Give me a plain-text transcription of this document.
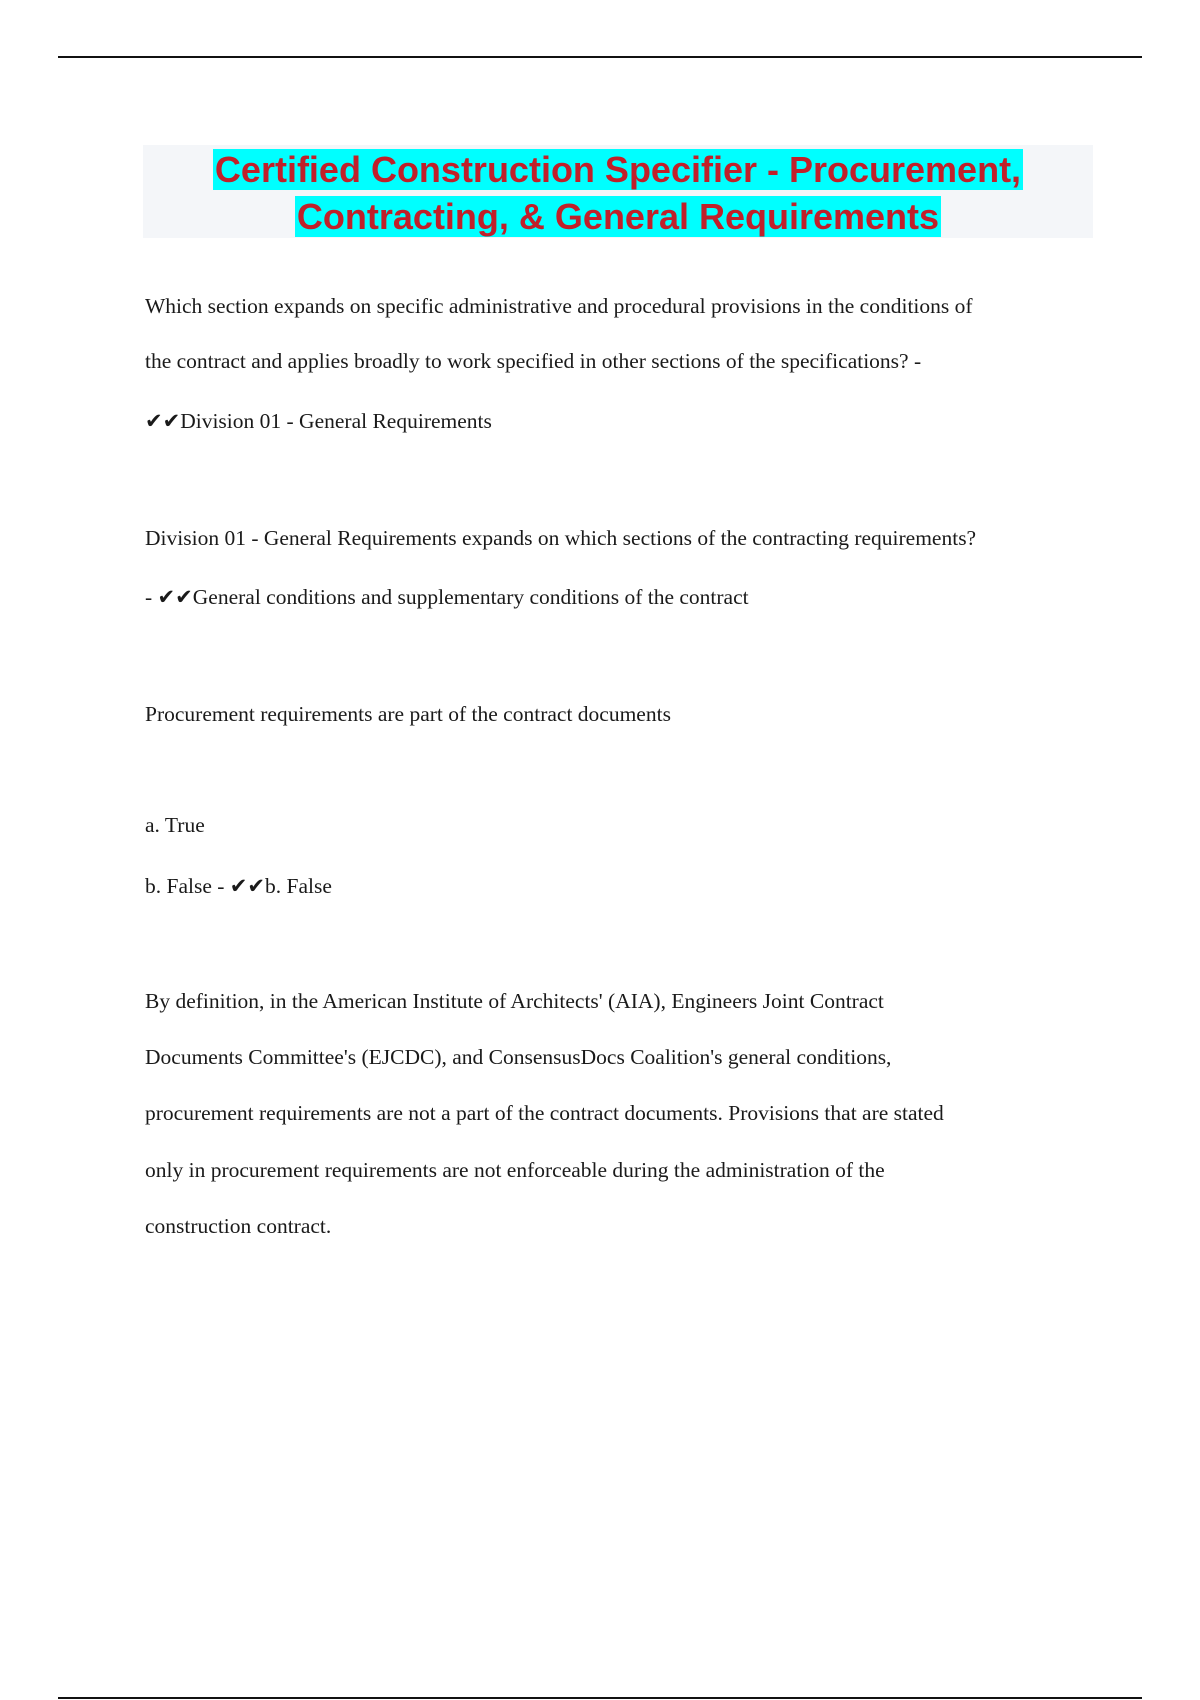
Certified Construction Specifier - Procurement,
Contracting, & General Requirements
Which section expands on specific administrative and procedural provisions in the conditions of
the contract and applies broadly to work specified in other sections of the specifications? -
✔✔Division 01 - General Requirements
Division 01 - General Requirements expands on which sections of the contracting requirements?
- ✔✔General conditions and supplementary conditions of the contract
Procurement requirements are part of the contract documents
a. True
b. False - ✔✔b. False
By definition, in the American Institute of Architects' (AIA), Engineers Joint Contract
Documents Committee's (EJCDC), and ConsensusDocs Coalition's general conditions,
procurement requirements are not a part of the contract documents. Provisions that are stated
only in procurement requirements are not enforceable during the administration of the
construction contract.
